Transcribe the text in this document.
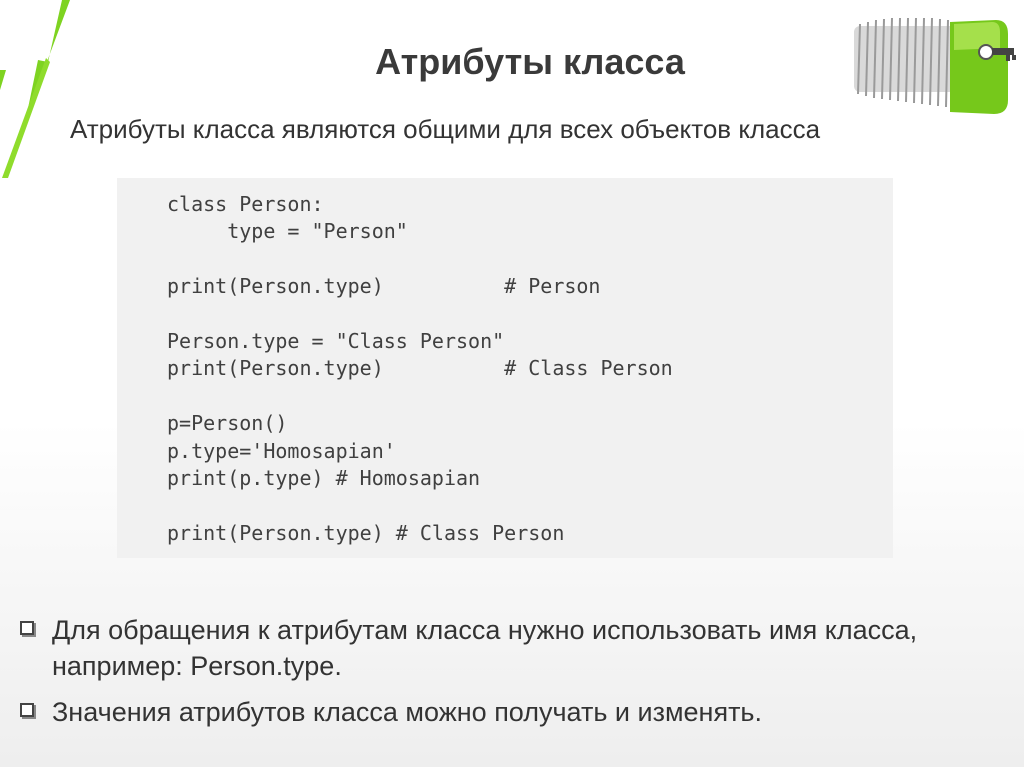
Атрибуты класса

Атрибуты класса являются общими для всех объектов класса

class Person:
type = "Person"
print(Person.type)          # Person
Person.type = "Class Person"
print(Person.type)          # Class Person
p=Person()
p.type='Homosapian'
print(p.type) # Homosapian
print(Person.type) # Class Person
Для обращения к атрибутам класса нужно использовать имя класса, например: Person.type.
Значения атрибутов класса можно получать и изменять.
